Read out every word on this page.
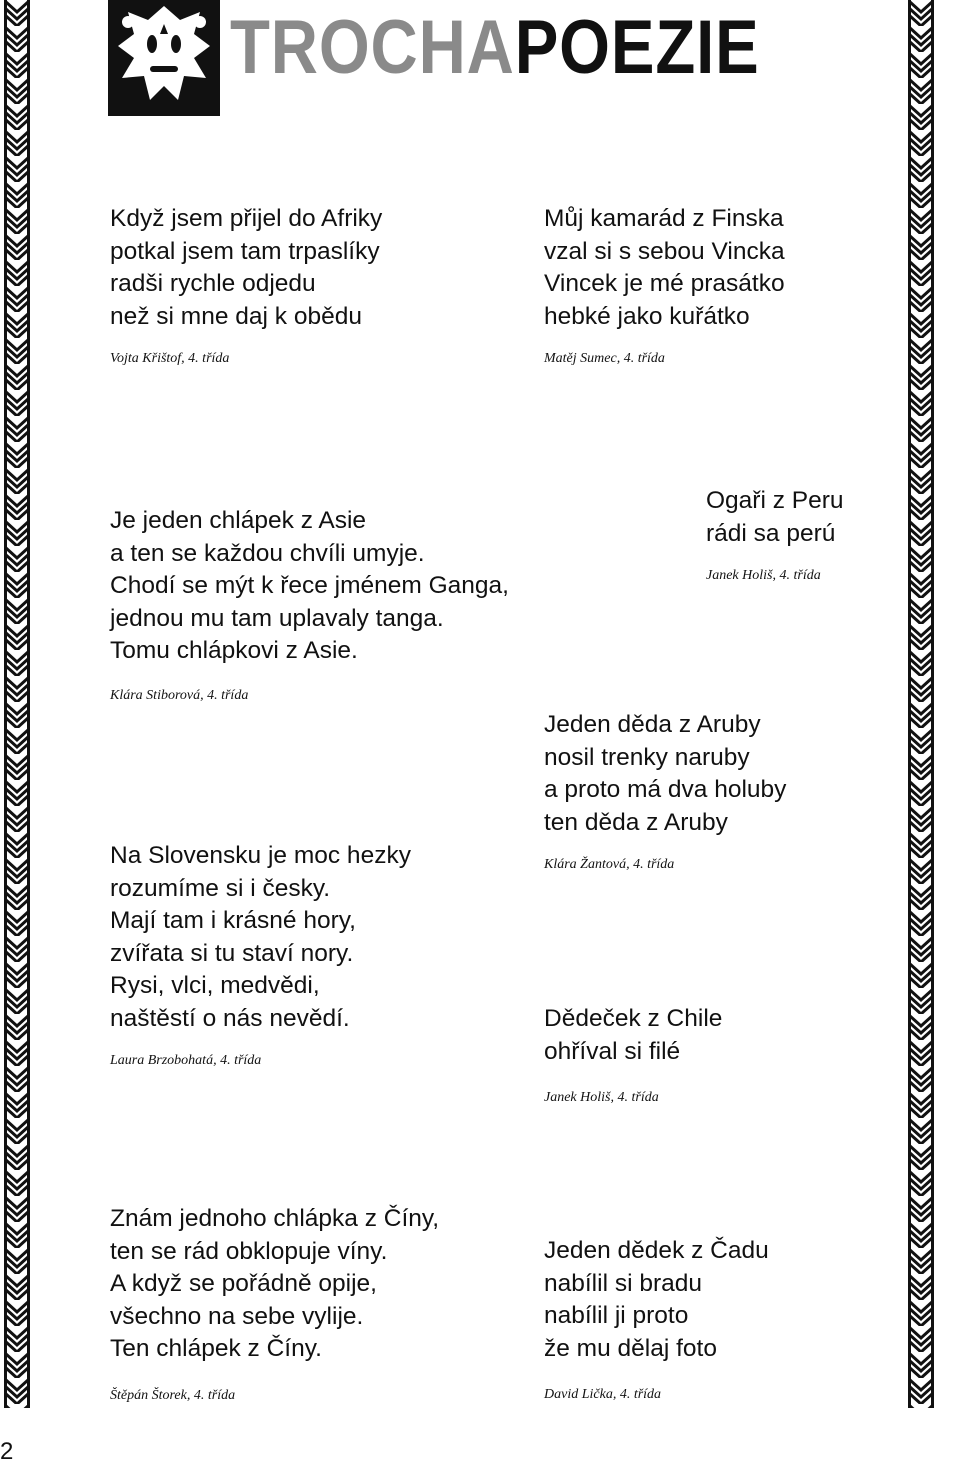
TROCHAPOEZIE
Když jsem přijel do Afriky
potkal jsem tam trpaslíky
radši rychle odjedu
než si mne daj k obědu
Vojta Křištof, 4. třída
Můj kamarád z Finska
vzal si s sebou Vincka
Vincek je mé prasátko
hebké jako kuřátko
Matěj Sumec, 4. třída
Je jeden chlápek z Asie
a ten se každou chvíli umyje.
Chodí se mýt k řece jménem Ganga,
jednou mu tam uplavaly tanga.
Tomu chlápkovi z Asie.
Klára Stiborová, 4. třída
Ogaři z Peru
rádi sa perú
Janek Holiš, 4. třída
Jeden děda z Aruby
nosil trenky naruby
a proto má dva holuby
ten děda z Aruby
Klára Žantová, 4. třída
Na Slovensku je moc hezky
rozumíme si i česky.
Mají tam i krásné hory,
zvířata si tu staví nory.
Rysi, vlci, medvědi,
naštěstí o nás nevědí.
Laura Brzobohatá, 4. třída
Dědeček z Chile
ohříval si filé
Janek Holiš, 4. třída
Znám jednoho chlápka z Číny,
ten se rád obklopuje víny.
A když se pořádně opije,
všechno na sebe vylije.
Ten chlápek z Číny.
Štěpán Štorek, 4. třída
Jeden dědek z Čadu
nabílil si bradu
nabílil ji proto
že mu dělaj foto
David Lička, 4. třída
2
